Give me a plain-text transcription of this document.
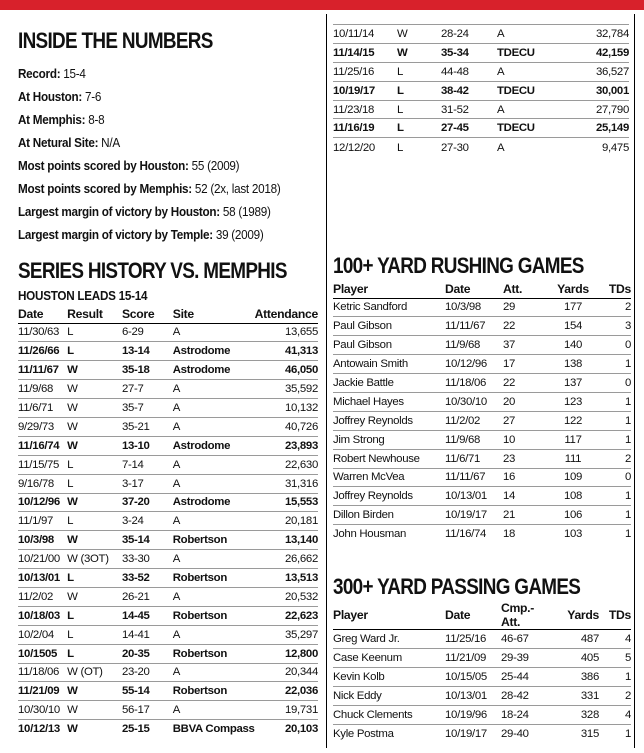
INSIDE THE NUMBERS
Record: 15-4
At Houston: 7-6
At Memphis: 8-8
At Netural Site: N/A
Most points scored by Houston: 55 (2009)
Most points scored by Memphis: 52 (2x, last 2018)
Largest margin of victory by Houston: 58 (1989)
Largest margin of victory by Temple: 39 (2009)
SERIES HISTORY VS. MEMPHIS
HOUSTON LEADS 15-14
Date	Result	Score	Site	Attendance
11/30/63	L	6-29	A	13,655
11/26/66	L	13-14	Astrodome	41,313
11/11/67	W	35-18	Astrodome	46,050
11/9/68	W	27-7	A	35,592
11/6/71	W	35-7	A	10,132
9/29/73	W	35-21	A	40,726
11/16/74	W	13-10	Astrodome	23,893
11/15/75	L	7-14	A	22,630
9/16/78	L	3-17	A	31,316
10/12/96	W	37-20	Astrodome	15,553
11/1/97	L	3-24	A	20,181
10/3/98	W	35-14	Robertson	13,140
10/21/00	W (3OT)	33-30	A	26,662
10/13/01	L	33-52	Robertson	13,513
11/2/02	W	26-21	A	20,532
10/18/03	L	14-45	Robertson	22,623
10/2/04	L	14-41	A	35,297
10/1505	L	20-35	Robertson	12,800
11/18/06	W (OT)	23-20	A	20,344
11/21/09	W	55-14	Robertson	22,036
10/30/10	W	56-17	A	19,731
10/12/13	W	25-15	BBVA Compass	20,103
10/11/14	W	28-24	A	32,784
11/14/15	W	35-34	TDECU	42,159
11/25/16	L	44-48	A	36,527
10/19/17	L	38-42	TDECU	30,001
11/23/18	L	31-52	A	27,790
11/16/19	L	27-45	TDECU	25,149
12/12/20	L	27-30	A	9,475
100+ YARD RUSHING GAMES
Player	Date	Att.	Yards	TDs
Ketric Sandford	10/3/98	29	177	2
Paul Gibson	11/11/67	22	154	3
Paul Gibson	11/9/68	37	140	0
Antowain Smith	10/12/96	17	138	1
Jackie Battle	11/18/06	22	137	0
Michael Hayes	10/30/10	20	123	1
Joffrey Reynolds	11/2/02	27	122	1
Jim Strong	11/9/68	10	117	1
Robert Newhouse	11/6/71	23	111	2
Warren McVea	11/11/67	16	109	0
Joffrey Reynolds	10/13/01	14	108	1
Dillon Birden	10/19/17	21	106	1
John Housman	11/16/74	18	103	1
300+ YARD PASSING GAMES
Player	Date	Cmp.-Att.	Yards	TDs
Greg Ward Jr.	11/25/16	46-67	487	4
Case Keenum	11/21/09	29-39	405	5
Kevin Kolb	10/15/05	25-44	386	1
Nick Eddy	10/13/01	28-42	331	2
Chuck Clements	10/19/96	18-24	328	4
Kyle Postma	10/19/17	29-40	315	1
